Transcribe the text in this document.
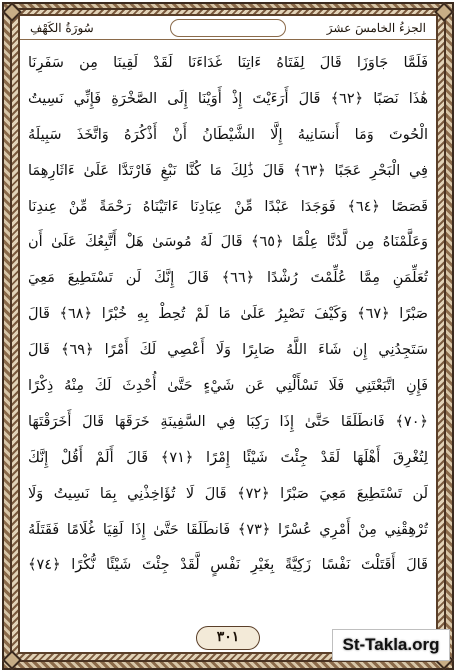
سُورَةُ الكَهْفِ	الجزءُ الخامسَ عشرَ
فَلَمَّا جَاوَزَا قَالَ لِفَتَاهُ ءَاتِنَا غَدَاءَنَا لَقَدْ لَقِينَا مِن سَفَرِنَا
هَٰذَا نَصَبًا ﴿٦٢﴾ قَالَ أَرَءَيْتَ إِذْ أَوَيْنَا إِلَى الصَّخْرَةِ فَإِنِّي نَسِيتُ
الْحُوتَ وَمَا أَنسَانِيهُ إِلَّا الشَّيْطَانُ أَنْ أَذْكُرَهُ وَاتَّخَذَ سَبِيلَهُ
فِي الْبَحْرِ عَجَبًا ﴿٦٣﴾ قَالَ ذَٰلِكَ مَا كُنَّا نَبْغِ فَارْتَدَّا عَلَىٰ ءَاثَارِهِمَا
قَصَصًا ﴿٦٤﴾ فَوَجَدَا عَبْدًا مِّنْ عِبَادِنَا ءَاتَيْنَاهُ رَحْمَةً مِّنْ عِندِنَا
وَعَلَّمْنَاهُ مِن لَّدُنَّا عِلْمًا ﴿٦٥﴾ قَالَ لَهُ مُوسَىٰ هَلْ أَتَّبِعُكَ عَلَىٰ أَن
تُعَلِّمَنِ مِمَّا عُلِّمْتَ رُشْدًا ﴿٦٦﴾ قَالَ إِنَّكَ لَن تَسْتَطِيعَ مَعِيَ
صَبْرًا ﴿٦٧﴾ وَكَيْفَ تَصْبِرُ عَلَىٰ مَا لَمْ تُحِطْ بِهِ خُبْرًا ﴿٦٨﴾ قَالَ
سَتَجِدُنِي إِن شَاءَ اللَّهُ صَابِرًا وَلَا أَعْصِي لَكَ أَمْرًا ﴿٦٩﴾ قَالَ
فَإِنِ اتَّبَعْتَنِي فَلَا تَسْأَلْنِي عَن شَيْءٍ حَتَّىٰ أُحْدِثَ لَكَ مِنْهُ ذِكْرًا
﴿٧٠﴾ فَانطَلَقَا حَتَّىٰ إِذَا رَكِبَا فِي السَّفِينَةِ خَرَقَهَا قَالَ أَخَرَقْتَهَا
لِتُغْرِقَ أَهْلَهَا لَقَدْ جِئْتَ شَيْئًا إِمْرًا ﴿٧١﴾ قَالَ أَلَمْ أَقُلْ إِنَّكَ
لَن تَسْتَطِيعَ مَعِيَ صَبْرًا ﴿٧٢﴾ قَالَ لَا تُؤَاخِذْنِي بِمَا نَسِيتُ وَلَا
تُرْهِقْنِي مِنْ أَمْرِي عُسْرًا ﴿٧٣﴾ فَانطَلَقَا حَتَّىٰ إِذَا لَقِيَا غُلَامًا فَقَتَلَهُ
قَالَ أَقَتَلْتَ نَفْسًا زَكِيَّةً بِغَيْرِ نَفْسٍ لَّقَدْ جِئْتَ شَيْئًا نُّكْرًا ﴿٧٤﴾
٣٠١	St-Takla.org
